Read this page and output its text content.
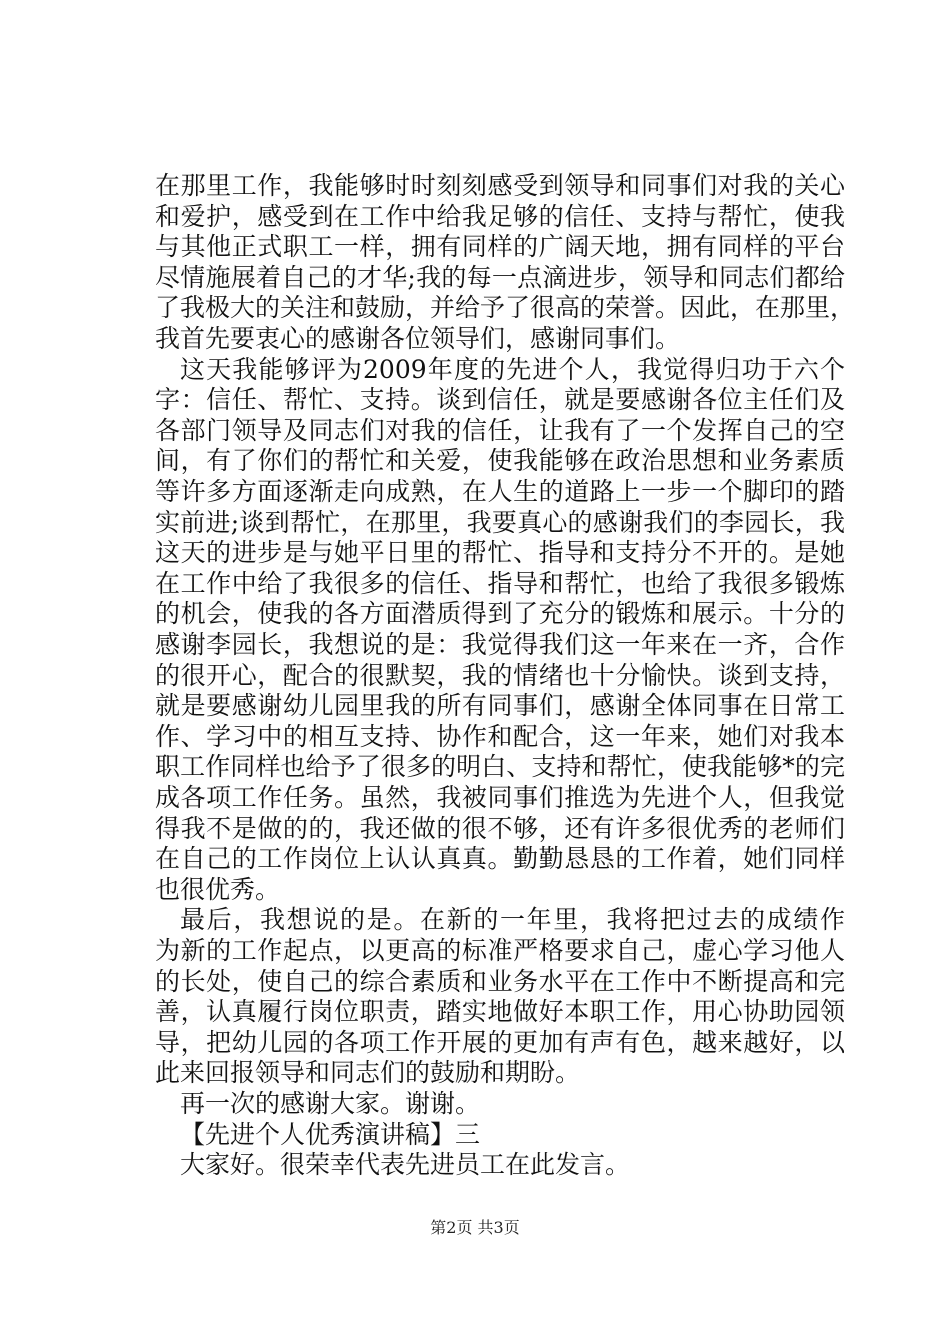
在那里工作，我能够时时刻刻感受到领导和同事们对我的关心
和爱护，感受到在工作中给我足够的信任、支持与帮忙，使我
与其他正式职工一样，拥有同样的广阔天地，拥有同样的平台
尽情施展着自己的才华;我的每一点滴进步，领导和同志们都给
了我极大的关注和鼓励，并给予了很高的荣誉。因此，在那里，
我首先要衷心的感谢各位领导们，感谢同事们。
这天我能够评为2009年度的先进个人，我觉得归功于六个
字：信任、帮忙、支持。谈到信任，就是要感谢各位主任们及
各部门领导及同志们对我的信任，让我有了一个发挥自己的空
间，有了你们的帮忙和关爱，使我能够在政治思想和业务素质
等许多方面逐渐走向成熟，在人生的道路上一步一个脚印的踏
实前进;谈到帮忙，在那里，我要真心的感谢我们的李园长，我
这天的进步是与她平日里的帮忙、指导和支持分不开的。是她
在工作中给了我很多的信任、指导和帮忙，也给了我很多锻炼
的机会，使我的各方面潜质得到了充分的锻炼和展示。十分的
感谢李园长，我想说的是：我觉得我们这一年来在一齐，合作
的很开心，配合的很默契，我的情绪也十分愉快。谈到支持，
就是要感谢幼儿园里我的所有同事们，感谢全体同事在日常工
作、学习中的相互支持、协作和配合，这一年来，她们对我本
职工作同样也给予了很多的明白、支持和帮忙，使我能够*的完
成各项工作任务。虽然，我被同事们推选为先进个人，但我觉
得我不是做的的，我还做的很不够，还有许多很优秀的老师们
在自己的工作岗位上认认真真。勤勤恳恳的工作着，她们同样
也很优秀。
最后，我想说的是。在新的一年里，我将把过去的成绩作
为新的工作起点，以更高的标准严格要求自己，虚心学习他人
的长处，使自己的综合素质和业务水平在工作中不断提高和完
善，认真履行岗位职责，踏实地做好本职工作，用心协助园领
导，把幼儿园的各项工作开展的更加有声有色，越来越好，以
此来回报领导和同志们的鼓励和期盼。
再一次的感谢大家。谢谢。
【先进个人优秀演讲稿】三
大家好。很荣幸代表先进员工在此发言。
第2页 共3页
